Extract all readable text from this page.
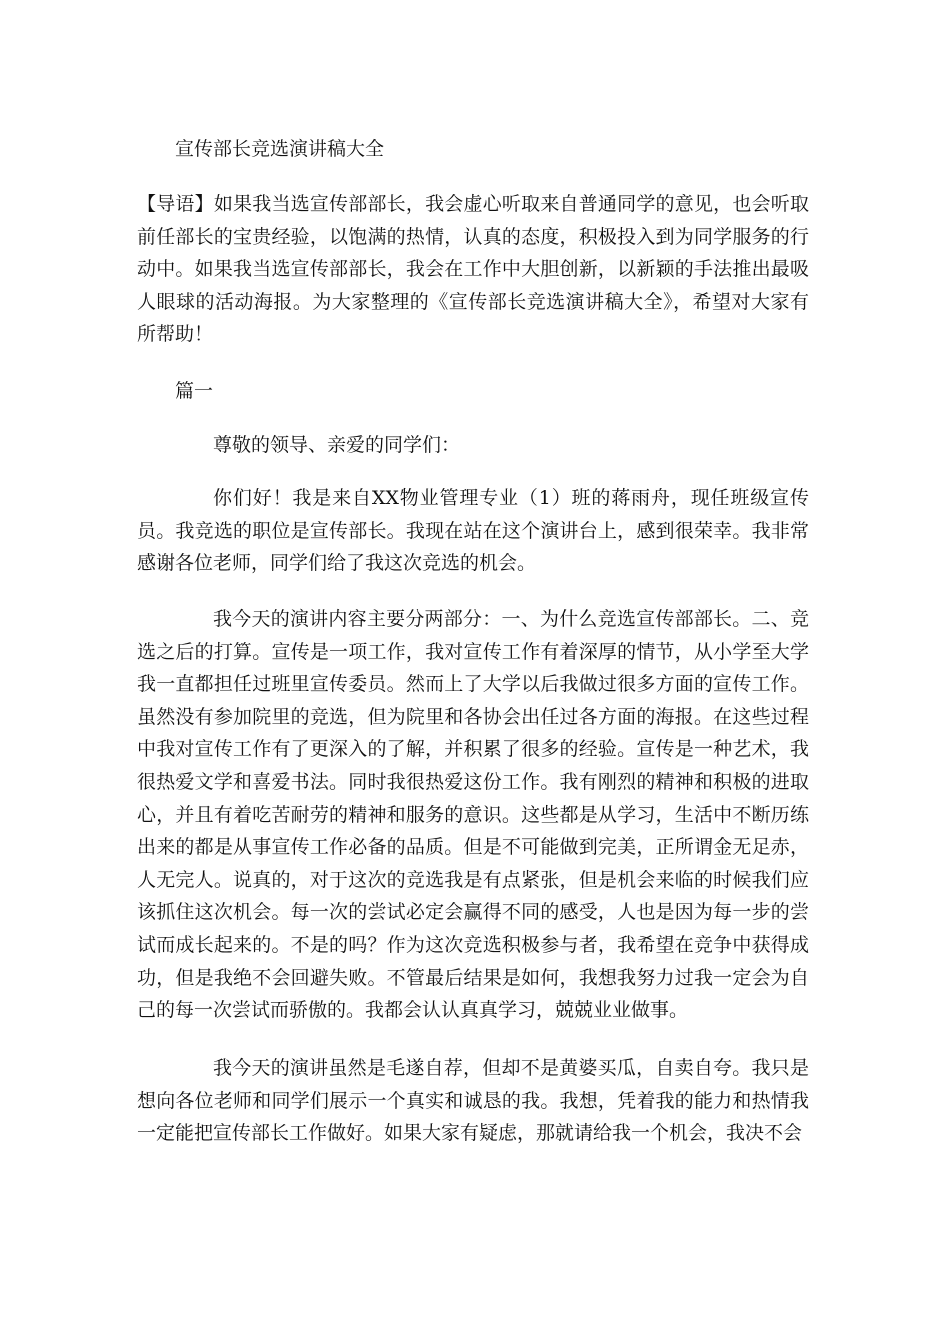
宣传部长竞选演讲稿大全
【导语】如果我当选宣传部部长，我会虚心听取来自普通同学的意见，也会听取前任部长的宝贵经验，以饱满的热情，认真的态度，积极投入到为同学服务的行动中。如果我当选宣传部部长，我会在工作中大胆创新，以新颖的手法推出最吸人眼球的活动海报。为大家整理的《宣传部长竞选演讲稿大全》，希望对大家有所帮助！
篇一
尊敬的领导、亲爱的同学们：
你们好！我是来自XX物业管理专业（1）班的蒋雨舟，现任班级宣传员。我竞选的职位是宣传部长。我现在站在这个演讲台上，感到很荣幸。我非常感谢各位老师，同学们给了我这次竞选的机会。
我今天的演讲内容主要分两部分：一、为什么竞选宣传部部长。二、竞选之后的打算。宣传是一项工作，我对宣传工作有着深厚的情节，从小学至大学我一直都担任过班里宣传委员。然而上了大学以后我做过很多方面的宣传工作。虽然没有参加院里的竞选，但为院里和各协会出任过各方面的海报。在这些过程中我对宣传工作有了更深入的了解，并积累了很多的经验。宣传是一种艺术，我很热爱文学和喜爱书法。同时我很热爱这份工作。我有刚烈的精神和积极的进取心，并且有着吃苦耐劳的精神和服务的意识。这些都是从学习，生活中不断历练出来的都是从事宣传工作必备的品质。但是不可能做到完美，正所谓金无足赤，人无完人。说真的，对于这次的竞选我是有点紧张，但是机会来临的时候我们应该抓住这次机会。每一次的尝试必定会赢得不同的感受，人也是因为每一步的尝试而成长起来的。不是的吗？作为这次竞选积极参与者，我希望在竞争中获得成功，但是我绝不会回避失败。不管最后结果是如何，我想我努力过我一定会为自己的每一次尝试而骄傲的。我都会认认真真学习，兢兢业业做事。
我今天的演讲虽然是毛遂自荐，但却不是黄婆买瓜，自卖自夸。我只是想向各位老师和同学们展示一个真实和诚恳的我。我想，凭着我的能力和热情我一定能把宣传部长工作做好。如果大家有疑虑，那就请给我一个机会，我决不会
